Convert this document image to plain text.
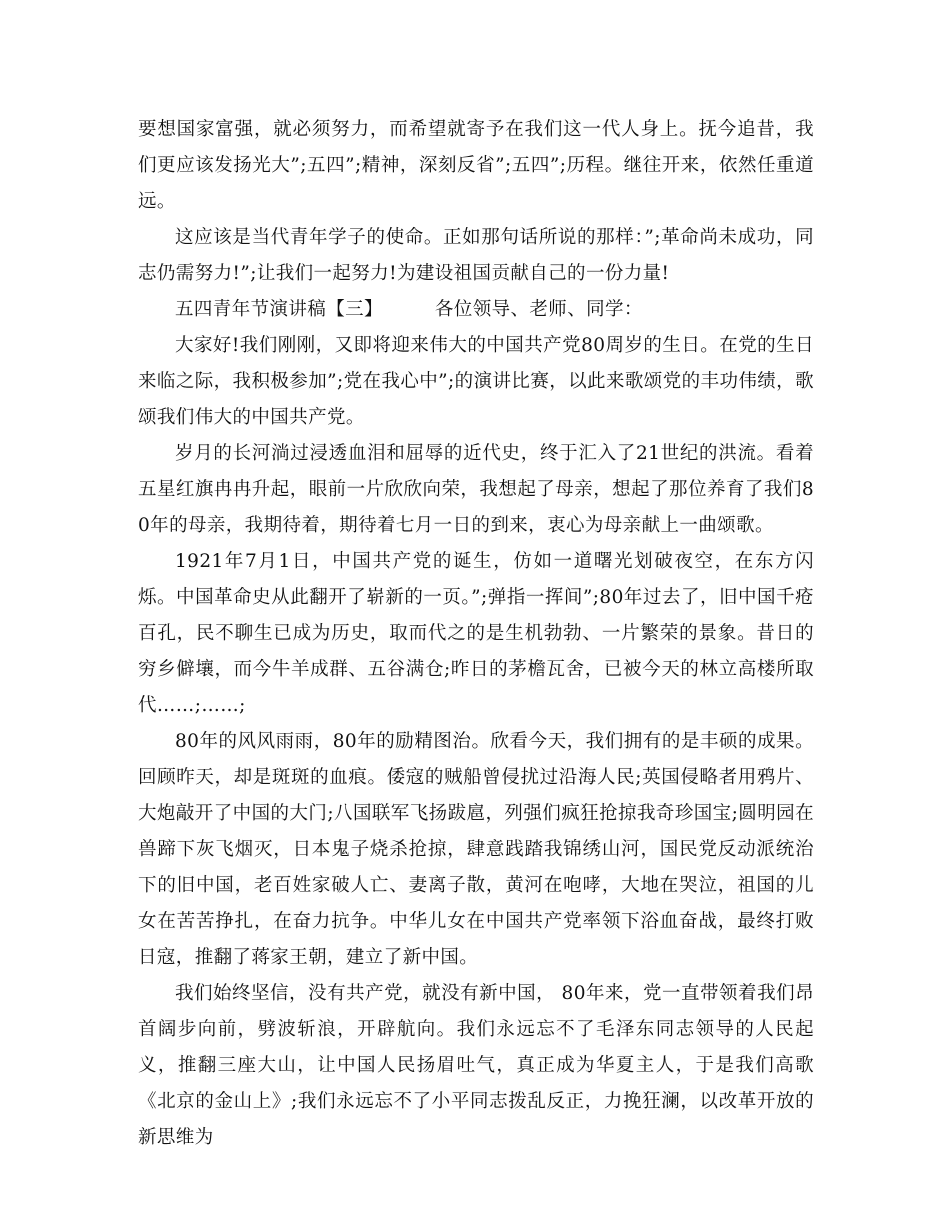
要想国家富强，就必须努力，而希望就寄予在我们这一代人身上。抚今追昔，我们更应该发扬光大”;五四”;精神，深刻反省”;五四”;历程。继往开来，依然任重道远。

这应该是当代青年学子的使命。正如那句话所说的那样：”;革命尚未成功，同志仍需努力!”;让我们一起努力!为建设祖国贡献自己的一份力量!

五四青年节演讲稿【三】	各位领导、老师、同学：

大家好!我们刚刚，又即将迎来伟大的中国共产党80周岁的生日。在党的生日来临之际，我积极参加”;党在我心中”;的演讲比赛，以此来歌颂党的丰功伟绩，歌颂我们伟大的中国共产党。

岁月的长河淌过浸透血泪和屈辱的近代史，终于汇入了21世纪的洪流。看着五星红旗冉冉升起，眼前一片欣欣向荣，我想起了母亲，想起了那位养育了我们80年的母亲，我期待着，期待着七月一日的到来，衷心为母亲献上一曲颂歌。

1921年7月1日，中国共产党的诞生，仿如一道曙光划破夜空，在东方闪烁。中国革命史从此翻开了崭新的一页。”;弹指一挥间”;80年过去了，旧中国千疮百孔，民不聊生已成为历史，取而代之的是生机勃勃、一片繁荣的景象。昔日的穷乡僻壤，而今牛羊成群、五谷满仓;昨日的茅檐瓦舍，已被今天的林立高楼所取代……;……;

80年的风风雨雨，80年的励精图治。欣看今天，我们拥有的是丰硕的成果。回顾昨天，却是斑斑的血痕。倭寇的贼船曾侵扰过沿海人民;英国侵略者用鸦片、大炮敲开了中国的大门;八国联军飞扬跋扈，列强们疯狂抢掠我奇珍国宝;圆明园在兽蹄下灰飞烟灭，日本鬼子烧杀抢掠，肆意践踏我锦绣山河，国民党反动派统治下的旧中国，老百姓家破人亡、妻离子散，黄河在咆哮，大地在哭泣，祖国的儿女在苦苦挣扎，在奋力抗争。中华儿女在中国共产党率领下浴血奋战，最终打败日寇，推翻了蒋家王朝，建立了新中国。

我们始终坚信，没有共产党，就没有新中国， 80年来，党一直带领着我们昂首阔步向前，劈波斩浪，开辟航向。我们永远忘不了毛泽东同志领导的人民起义，推翻三座大山，让中国人民扬眉吐气，真正成为华夏主人，于是我们高歌《北京的金山上》;我们永远忘不了小平同志拨乱反正，力挽狂澜，以改革开放的新思维为
